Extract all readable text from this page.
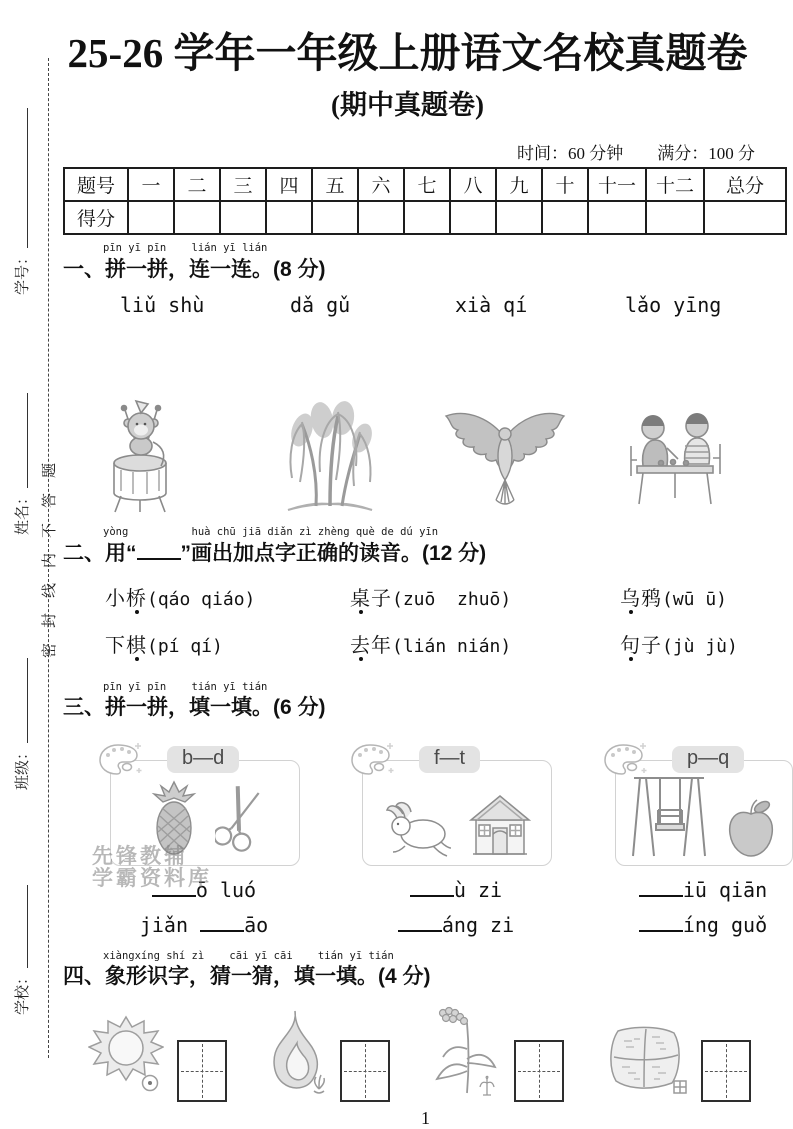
学号：
姓名：
班级：
学校：
密　封　线　内　不　答　题
25-26 学年一年级上册语文名校真题卷
(期中真题卷)
时间：60 分钟　　满分：100 分
题号	一	二	三	四	五	六	七	八	九	十	十一	十二	总分
得分													
pīn yī pīn    lián yī lián
一、拼一拼，连一连。(8 分)
liǔ shù	dǎ gǔ	xià qí	lǎo yīng
yòng          huà chū jiā diǎn zì zhèng què de dú yīn
二、用“ ”画出加点字正确的读音。(12 分)
小桥(qáo qiáo)	桌子(zuō  zhuō)	乌鸦(wū ū)
下棋(pí qí)	去年(lián nián)	句子(jù jù)
pīn yī pīn    tián yī tián
三、拼一拼，填一填。(6 分)
b—d	f—t	p—q
ō luó	ù zi	iū qiān
jiǎn āo	áng zi	íng guǒ
xiàngxíng shí zì    cāi yī cāi    tián yī tián
四、象形识字，猜一猜，填一填。(4 分)
1
先锋教辅
学霸资料库
